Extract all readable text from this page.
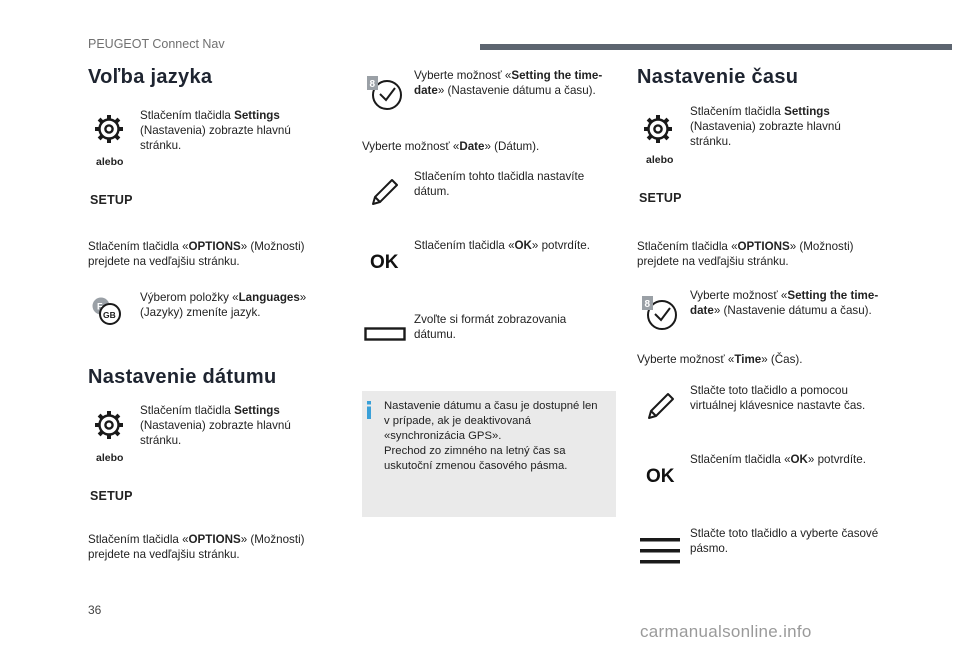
PEUGEOT Connect Nav
Voľba jazyka
Stlačením tlačidla Settings (Nastavenia) zobrazte hlavnú stránku.
alebo
SETUP
Stlačením tlačidla «OPTIONS» (Možnosti) prejdete na vedľajšiu stránku.
F
GB
Výberom položky «Languages» (Jazyky) zmeníte jazyk.
Nastavenie dátumu
Stlačením tlačidla Settings (Nastavenia) zobrazte hlavnú stránku.
alebo
SETUP
Stlačením tlačidla «OPTIONS» (Možnosti) prejdete na vedľajšiu stránku.
8
Vyberte možnosť «Setting the time-date» (Nastavenie dátumu a času).
Vyberte možnosť «Date» (Dátum).
Stlačením tohto tlačidla nastavíte dátum.
OK
Stlačením tlačidla «OK» potvrdíte.
Zvoľte si formát zobrazovania dátumu.
Nastavenie dátumu a času je dostupné len v prípade, ak je deaktivovaná «synchronizácia GPS».
Prechod zo zimného na letný čas sa uskutoční zmenou časového pásma.
Nastavenie času
Stlačením tlačidla Settings (Nastavenia) zobrazte hlavnú stránku.
alebo
SETUP
Stlačením tlačidla «OPTIONS» (Možnosti) prejdete na vedľajšiu stránku.
8
Vyberte možnosť «Setting the time-date» (Nastavenie dátumu a času).
Vyberte možnosť «Time» (Čas).
Stlačte toto tlačidlo a pomocou virtuálnej klávesnice nastavte čas.
OK
Stlačením tlačidla «OK» potvrdíte.
Stlačte toto tlačidlo a vyberte časové pásmo.
36
carmanualsonline.info
